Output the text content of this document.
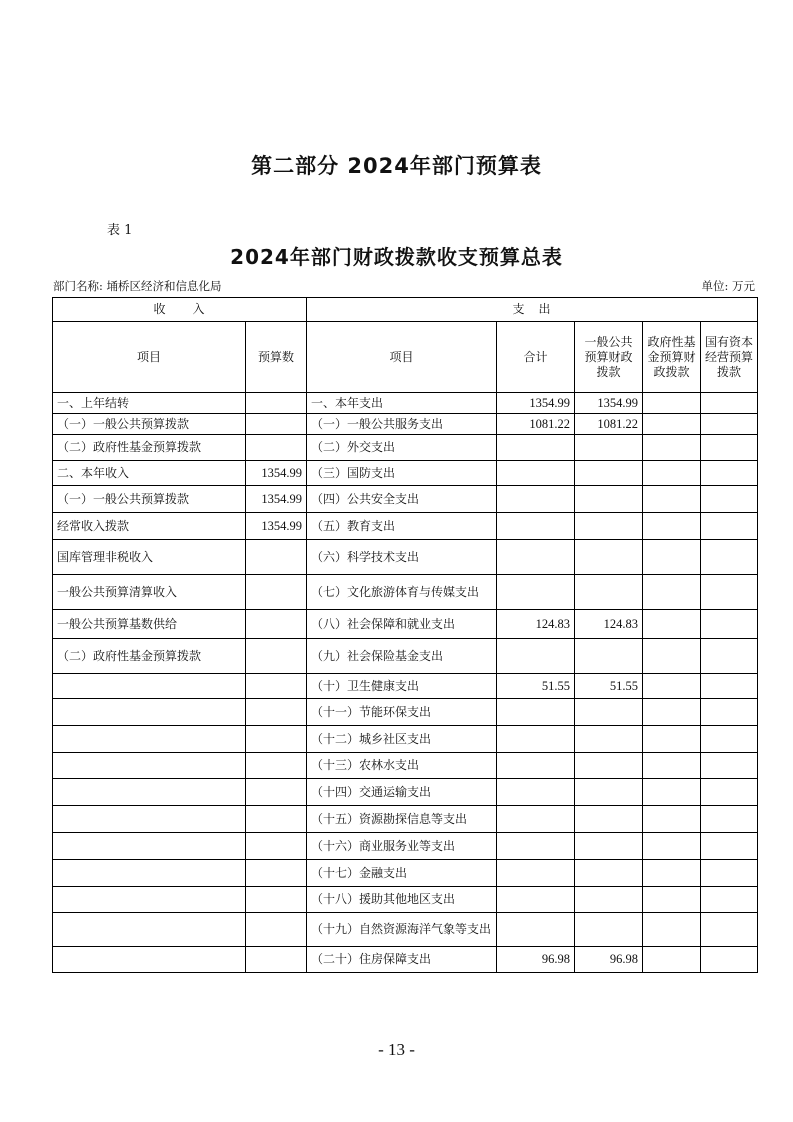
第二部分 2024年部门预算表
表 1
2024年部门财政拨款收支预算总表
部门名称: 埇桥区经济和信息化局	单位: 万元
收　　入		支　出				
项目	预算数	项目	合计	一般公共预算财政拨款	政府性基金预算财政拨款	国有资本经营预算拨款
一、上年结转		一、本年支出	1354.99	1354.99		
（一）一般公共预算拨款		（一）一般公共服务支出	1081.22	1081.22		
（二）政府性基金预算拨款		（二）外交支出				
二、本年收入	1354.99	（三）国防支出				
（一）一般公共预算拨款	1354.99	（四）公共安全支出				
经常收入拨款	1354.99	（五）教育支出				
国库管理非税收入		（六）科学技术支出				
一般公共预算清算收入		（七）文化旅游体育与传媒支出				
一般公共预算基数供给		（八）社会保障和就业支出	124.83	124.83		
（二）政府性基金预算拨款		（九）社会保险基金支出				
		（十）卫生健康支出	51.55	51.55		
		（十一）节能环保支出				
		（十二）城乡社区支出				
		（十三）农林水支出				
		（十四）交通运输支出				
		（十五）资源勘探信息等支出				
		（十六）商业服务业等支出				
		（十七）金融支出				
		（十八）援助其他地区支出				
		（十九）自然资源海洋气象等支出				
		（二十）住房保障支出	96.98	96.98		
- 13 -
